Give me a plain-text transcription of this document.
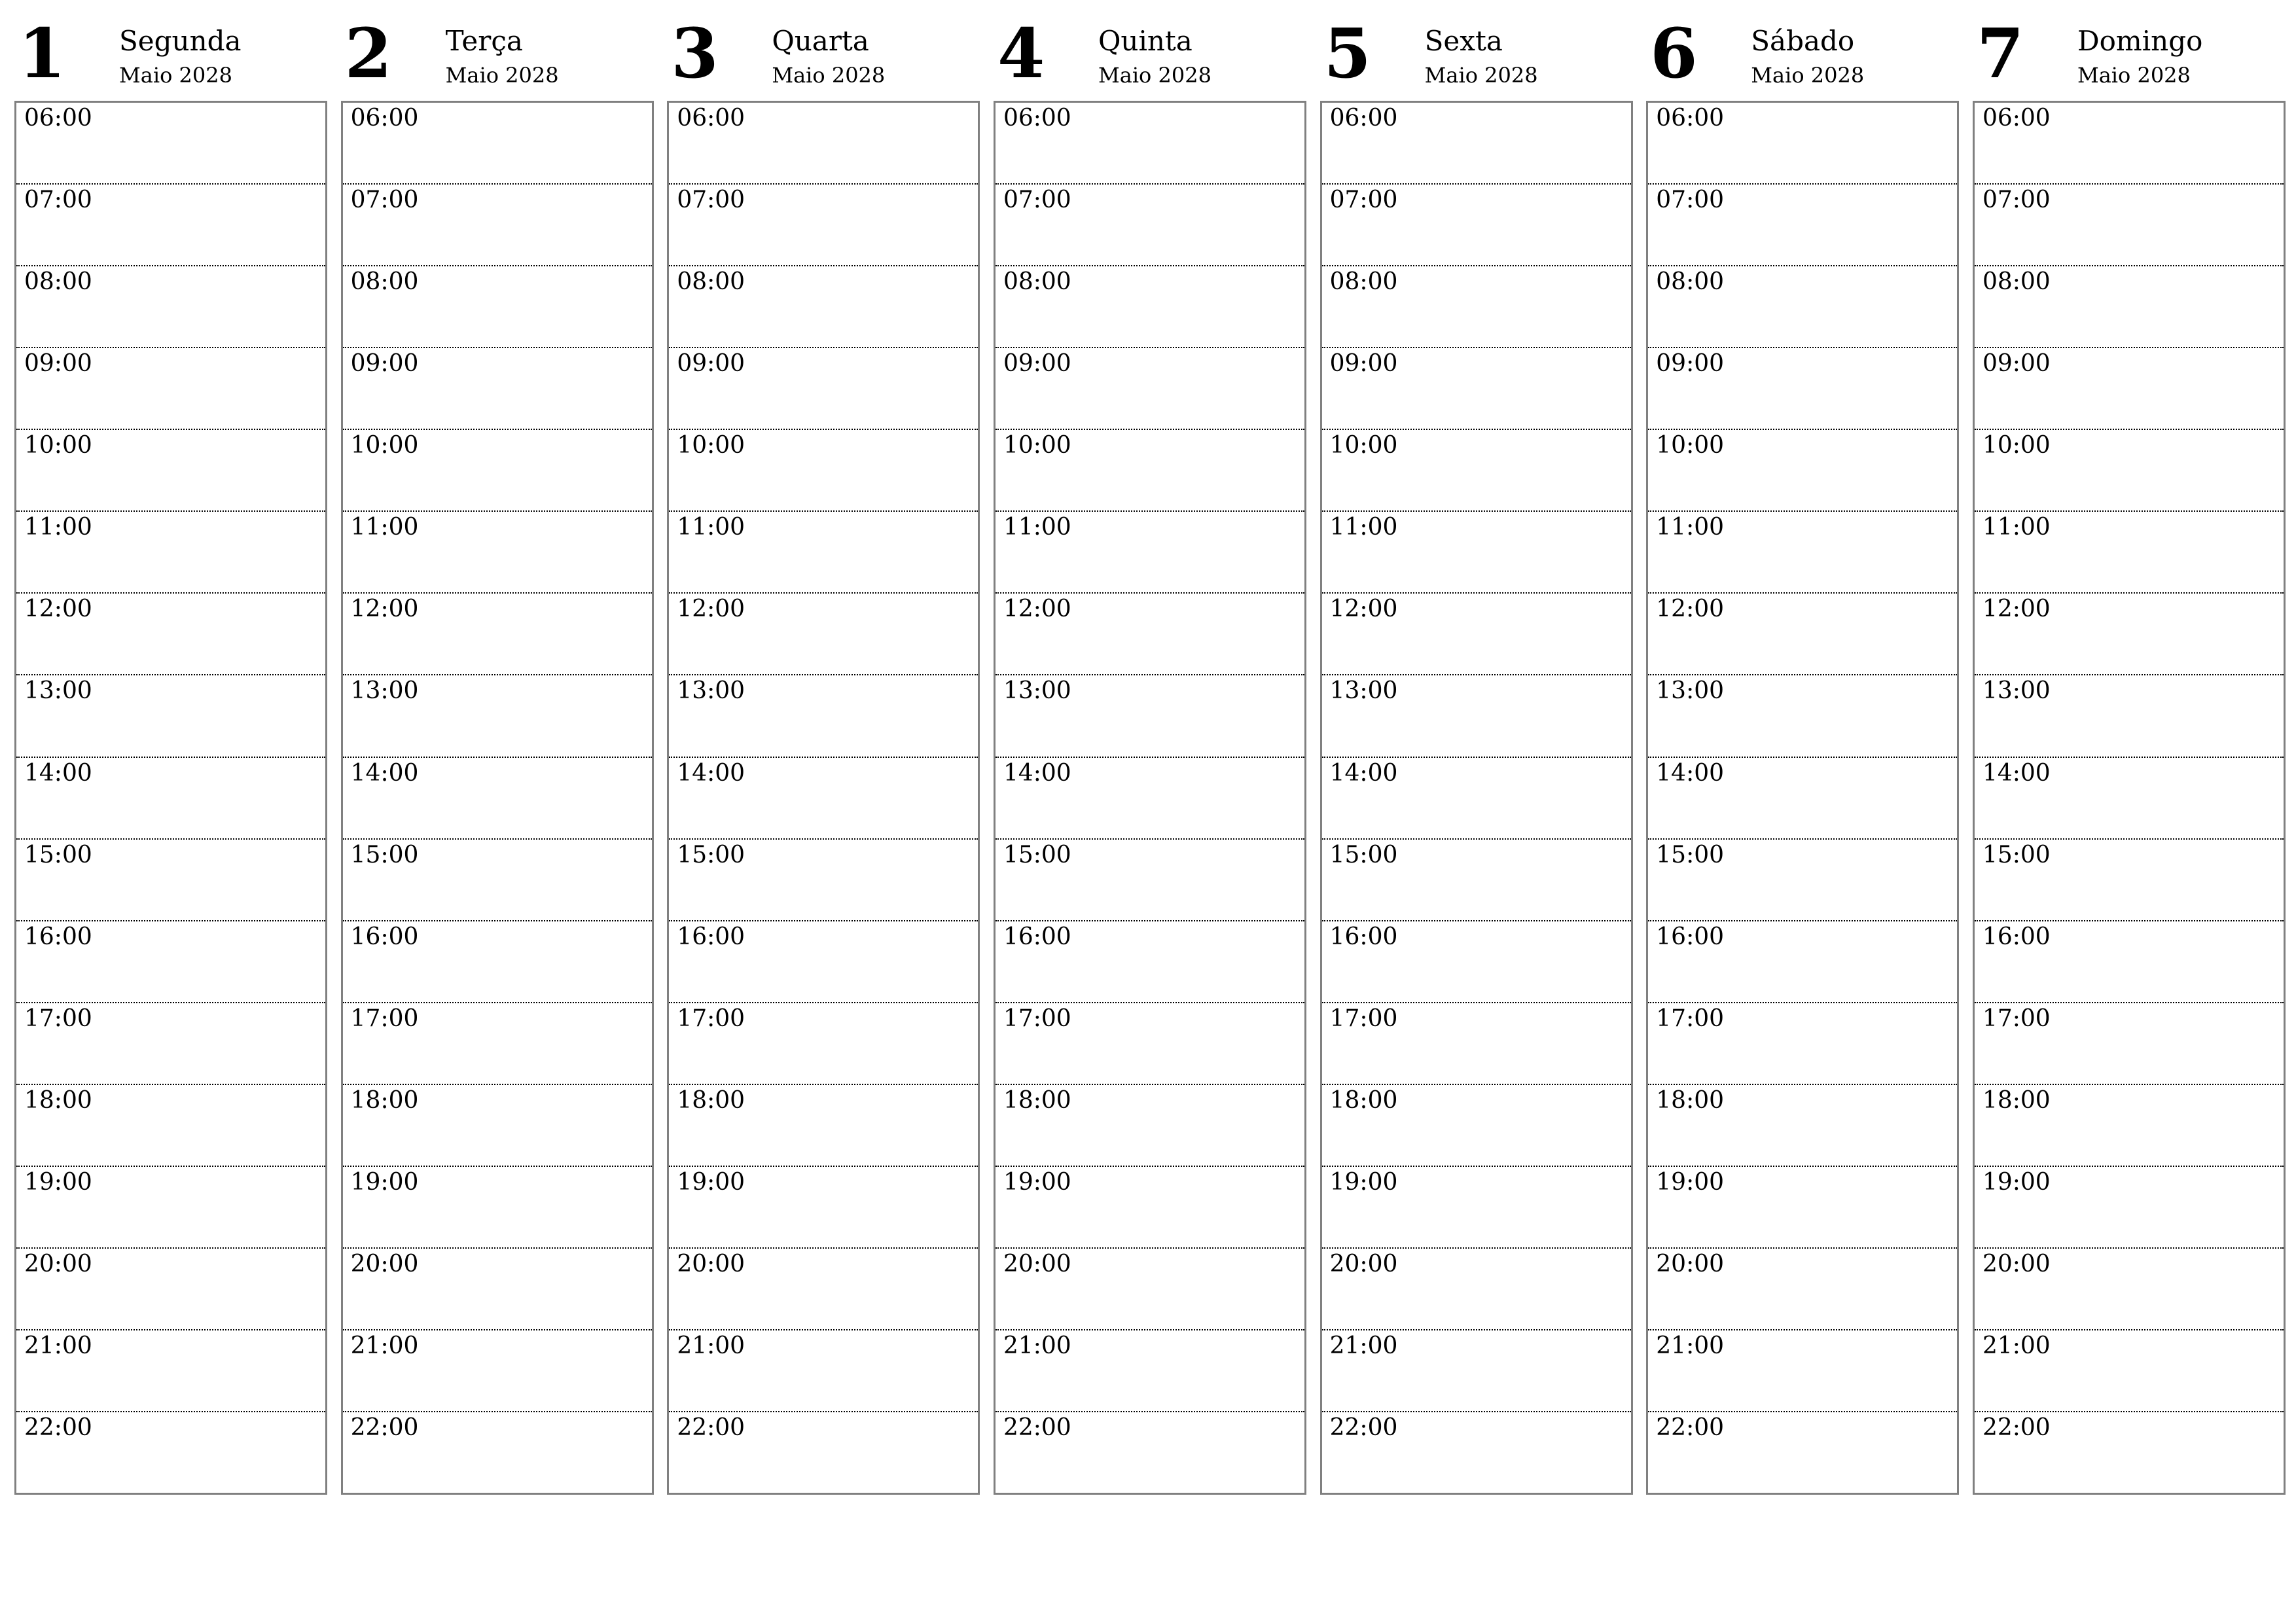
1 Segunda
Maio 2028
06:00
07:00
08:00
09:00
10:00
11:00
12:00
13:00
14:00
15:00
16:00
17:00
18:00
19:00
20:00
21:00
22:00
2 Terça
Maio 2028
06:00
07:00
08:00
09:00
10:00
11:00
12:00
13:00
14:00
15:00
16:00
17:00
18:00
19:00
20:00
21:00
22:00
3 Quarta
Maio 2028
06:00
07:00
08:00
09:00
10:00
11:00
12:00
13:00
14:00
15:00
16:00
17:00
18:00
19:00
20:00
21:00
22:00
4 Quinta
Maio 2028
06:00
07:00
08:00
09:00
10:00
11:00
12:00
13:00
14:00
15:00
16:00
17:00
18:00
19:00
20:00
21:00
22:00
5 Sexta
Maio 2028
06:00
07:00
08:00
09:00
10:00
11:00
12:00
13:00
14:00
15:00
16:00
17:00
18:00
19:00
20:00
21:00
22:00
6 Sábado
Maio 2028
06:00
07:00
08:00
09:00
10:00
11:00
12:00
13:00
14:00
15:00
16:00
17:00
18:00
19:00
20:00
21:00
22:00
7 Domingo
Maio 2028
06:00
07:00
08:00
09:00
10:00
11:00
12:00
13:00
14:00
15:00
16:00
17:00
18:00
19:00
20:00
21:00
22:00
